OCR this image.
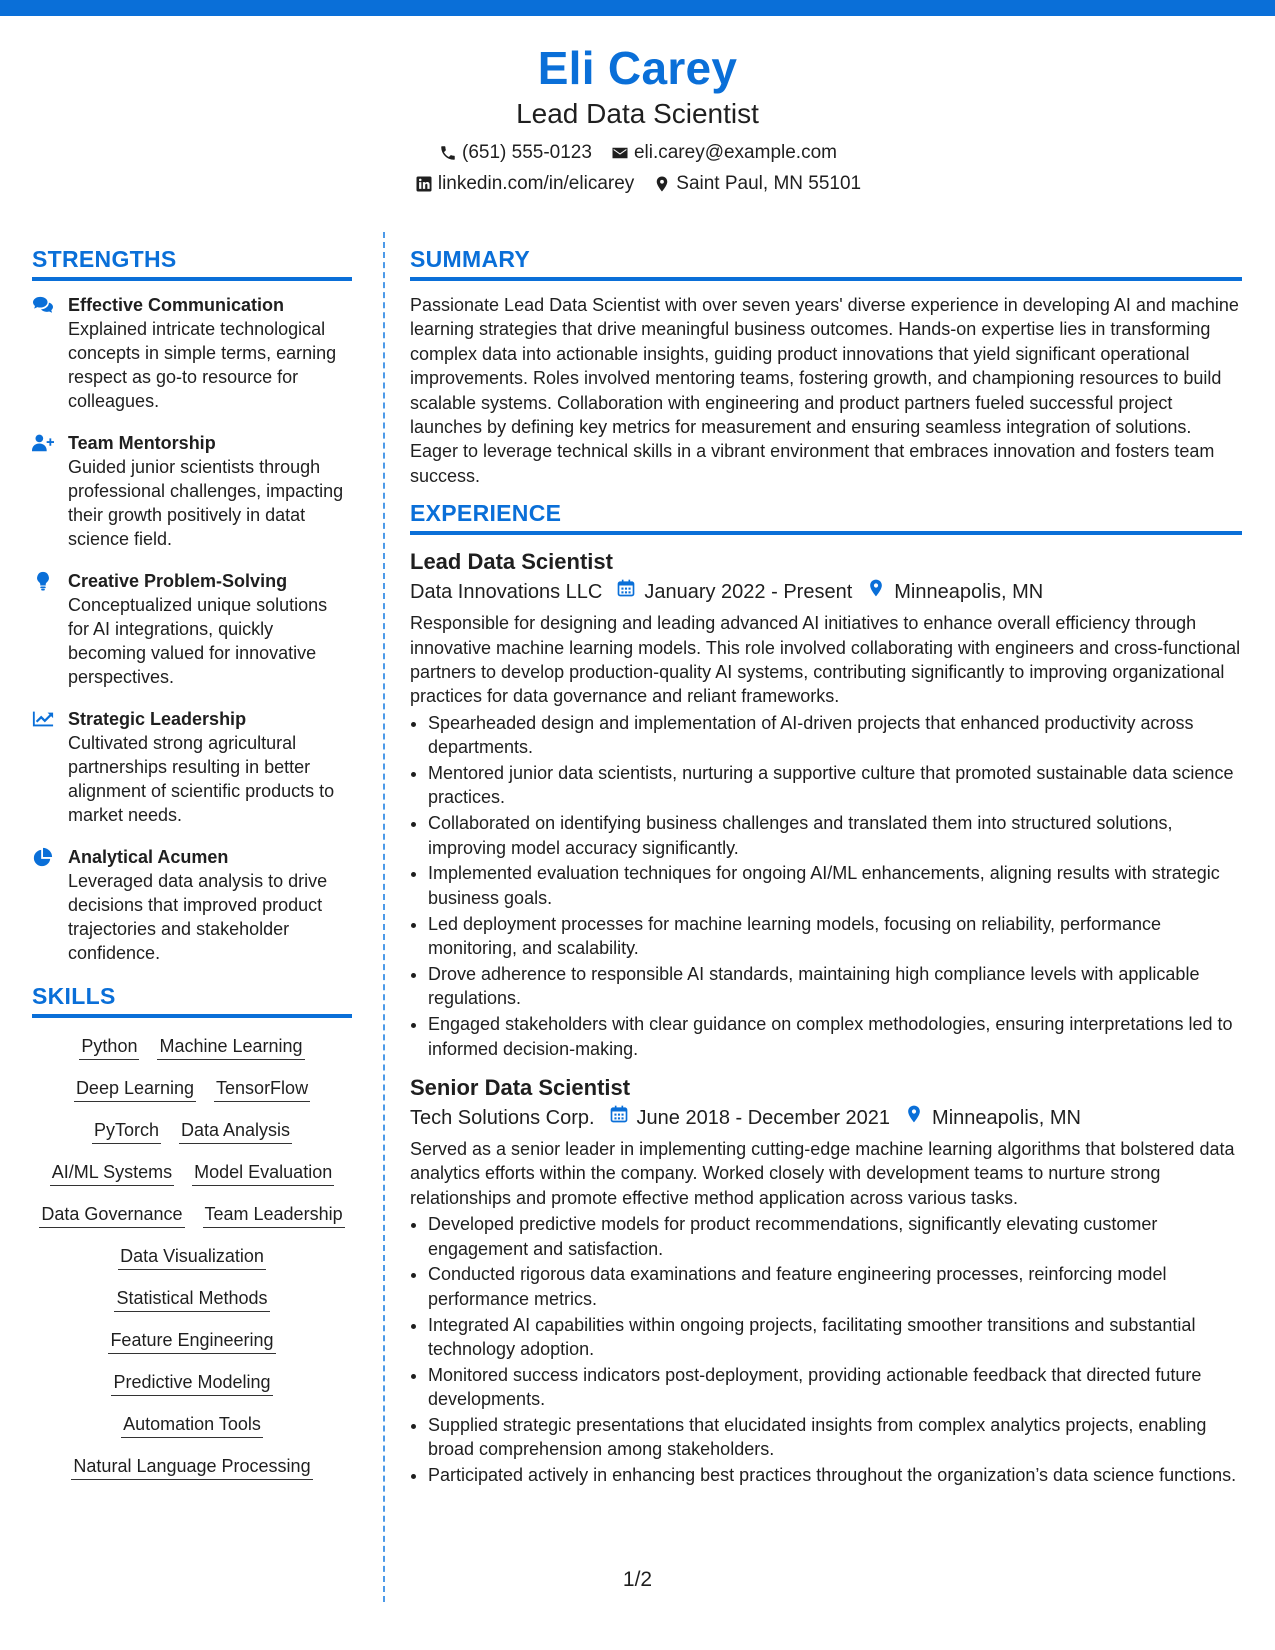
Eli Carey
Lead Data Scientist
(651) 555-0123 eli.carey@example.com
linkedin.com/in/elicarey Saint Paul, MN 55101
STRENGTHS
Effective Communication
Explained intricate technological concepts in simple terms, earning respect as go-to resource for colleagues.
Team Mentorship
Guided junior scientists through professional challenges, impacting their growth positively in datat science field.
Creative Problem-Solving
Conceptualized unique solutions for AI integrations, quickly becoming valued for innovative perspectives.
Strategic Leadership
Cultivated strong agricultural partnerships resulting in better alignment of scientific products to market needs.
Analytical Acumen
Leveraged data analysis to drive decisions that improved product trajectories and stakeholder confidence.
SKILLS
Python Machine Learning
Deep Learning TensorFlow
PyTorch Data Analysis
AI/ML Systems Model Evaluation
Data Governance Team Leadership
Data Visualization
Statistical Methods
Feature Engineering
Predictive Modeling
Automation Tools
Natural Language Processing
SUMMARY
Passionate Lead Data Scientist with over seven years' diverse experience in developing AI and machine learning strategies that drive meaningful business outcomes. Hands-on expertise lies in transforming complex data into actionable insights, guiding product innovations that yield significant operational improvements. Roles involved mentoring teams, fostering growth, and championing resources to build scalable systems. Collaboration with engineering and product partners fueled successful project launches by defining key metrics for measurement and ensuring seamless integration of solutions. Eager to leverage technical skills in a vibrant environment that embraces innovation and fosters team success.
EXPERIENCE
Lead Data Scientist
Data Innovations LLC January 2022 - Present Minneapolis, MN
Responsible for designing and leading advanced AI initiatives to enhance overall efficiency through innovative machine learning models. This role involved collaborating with engineers and cross-functional partners to develop production-quality AI systems, contributing significantly to improving organizational practices for data governance and reliant frameworks.
• Spearheaded design and implementation of AI-driven projects that enhanced productivity across departments.
• Mentored junior data scientists, nurturing a supportive culture that promoted sustainable data science practices.
• Collaborated on identifying business challenges and translated them into structured solutions, improving model accuracy significantly.
• Implemented evaluation techniques for ongoing AI/ML enhancements, aligning results with strategic business goals.
• Led deployment processes for machine learning models, focusing on reliability, performance monitoring, and scalability.
• Drove adherence to responsible AI standards, maintaining high compliance levels with applicable regulations.
• Engaged stakeholders with clear guidance on complex methodologies, ensuring interpretations led to informed decision-making.
Senior Data Scientist
Tech Solutions Corp. June 2018 - December 2021 Minneapolis, MN
Served as a senior leader in implementing cutting-edge machine learning algorithms that bolstered data analytics efforts within the company. Worked closely with development teams to nurture strong relationships and promote effective method application across various tasks.
• Developed predictive models for product recommendations, significantly elevating customer engagement and satisfaction.
• Conducted rigorous data examinations and feature engineering processes, reinforcing model performance metrics.
• Integrated AI capabilities within ongoing projects, facilitating smoother transitions and substantial technology adoption.
• Monitored success indicators post-deployment, providing actionable feedback that directed future developments.
• Supplied strategic presentations that elucidated insights from complex analytics projects, enabling broad comprehension among stakeholders.
• Participated actively in enhancing best practices throughout the organization’s data science functions.
1/2
